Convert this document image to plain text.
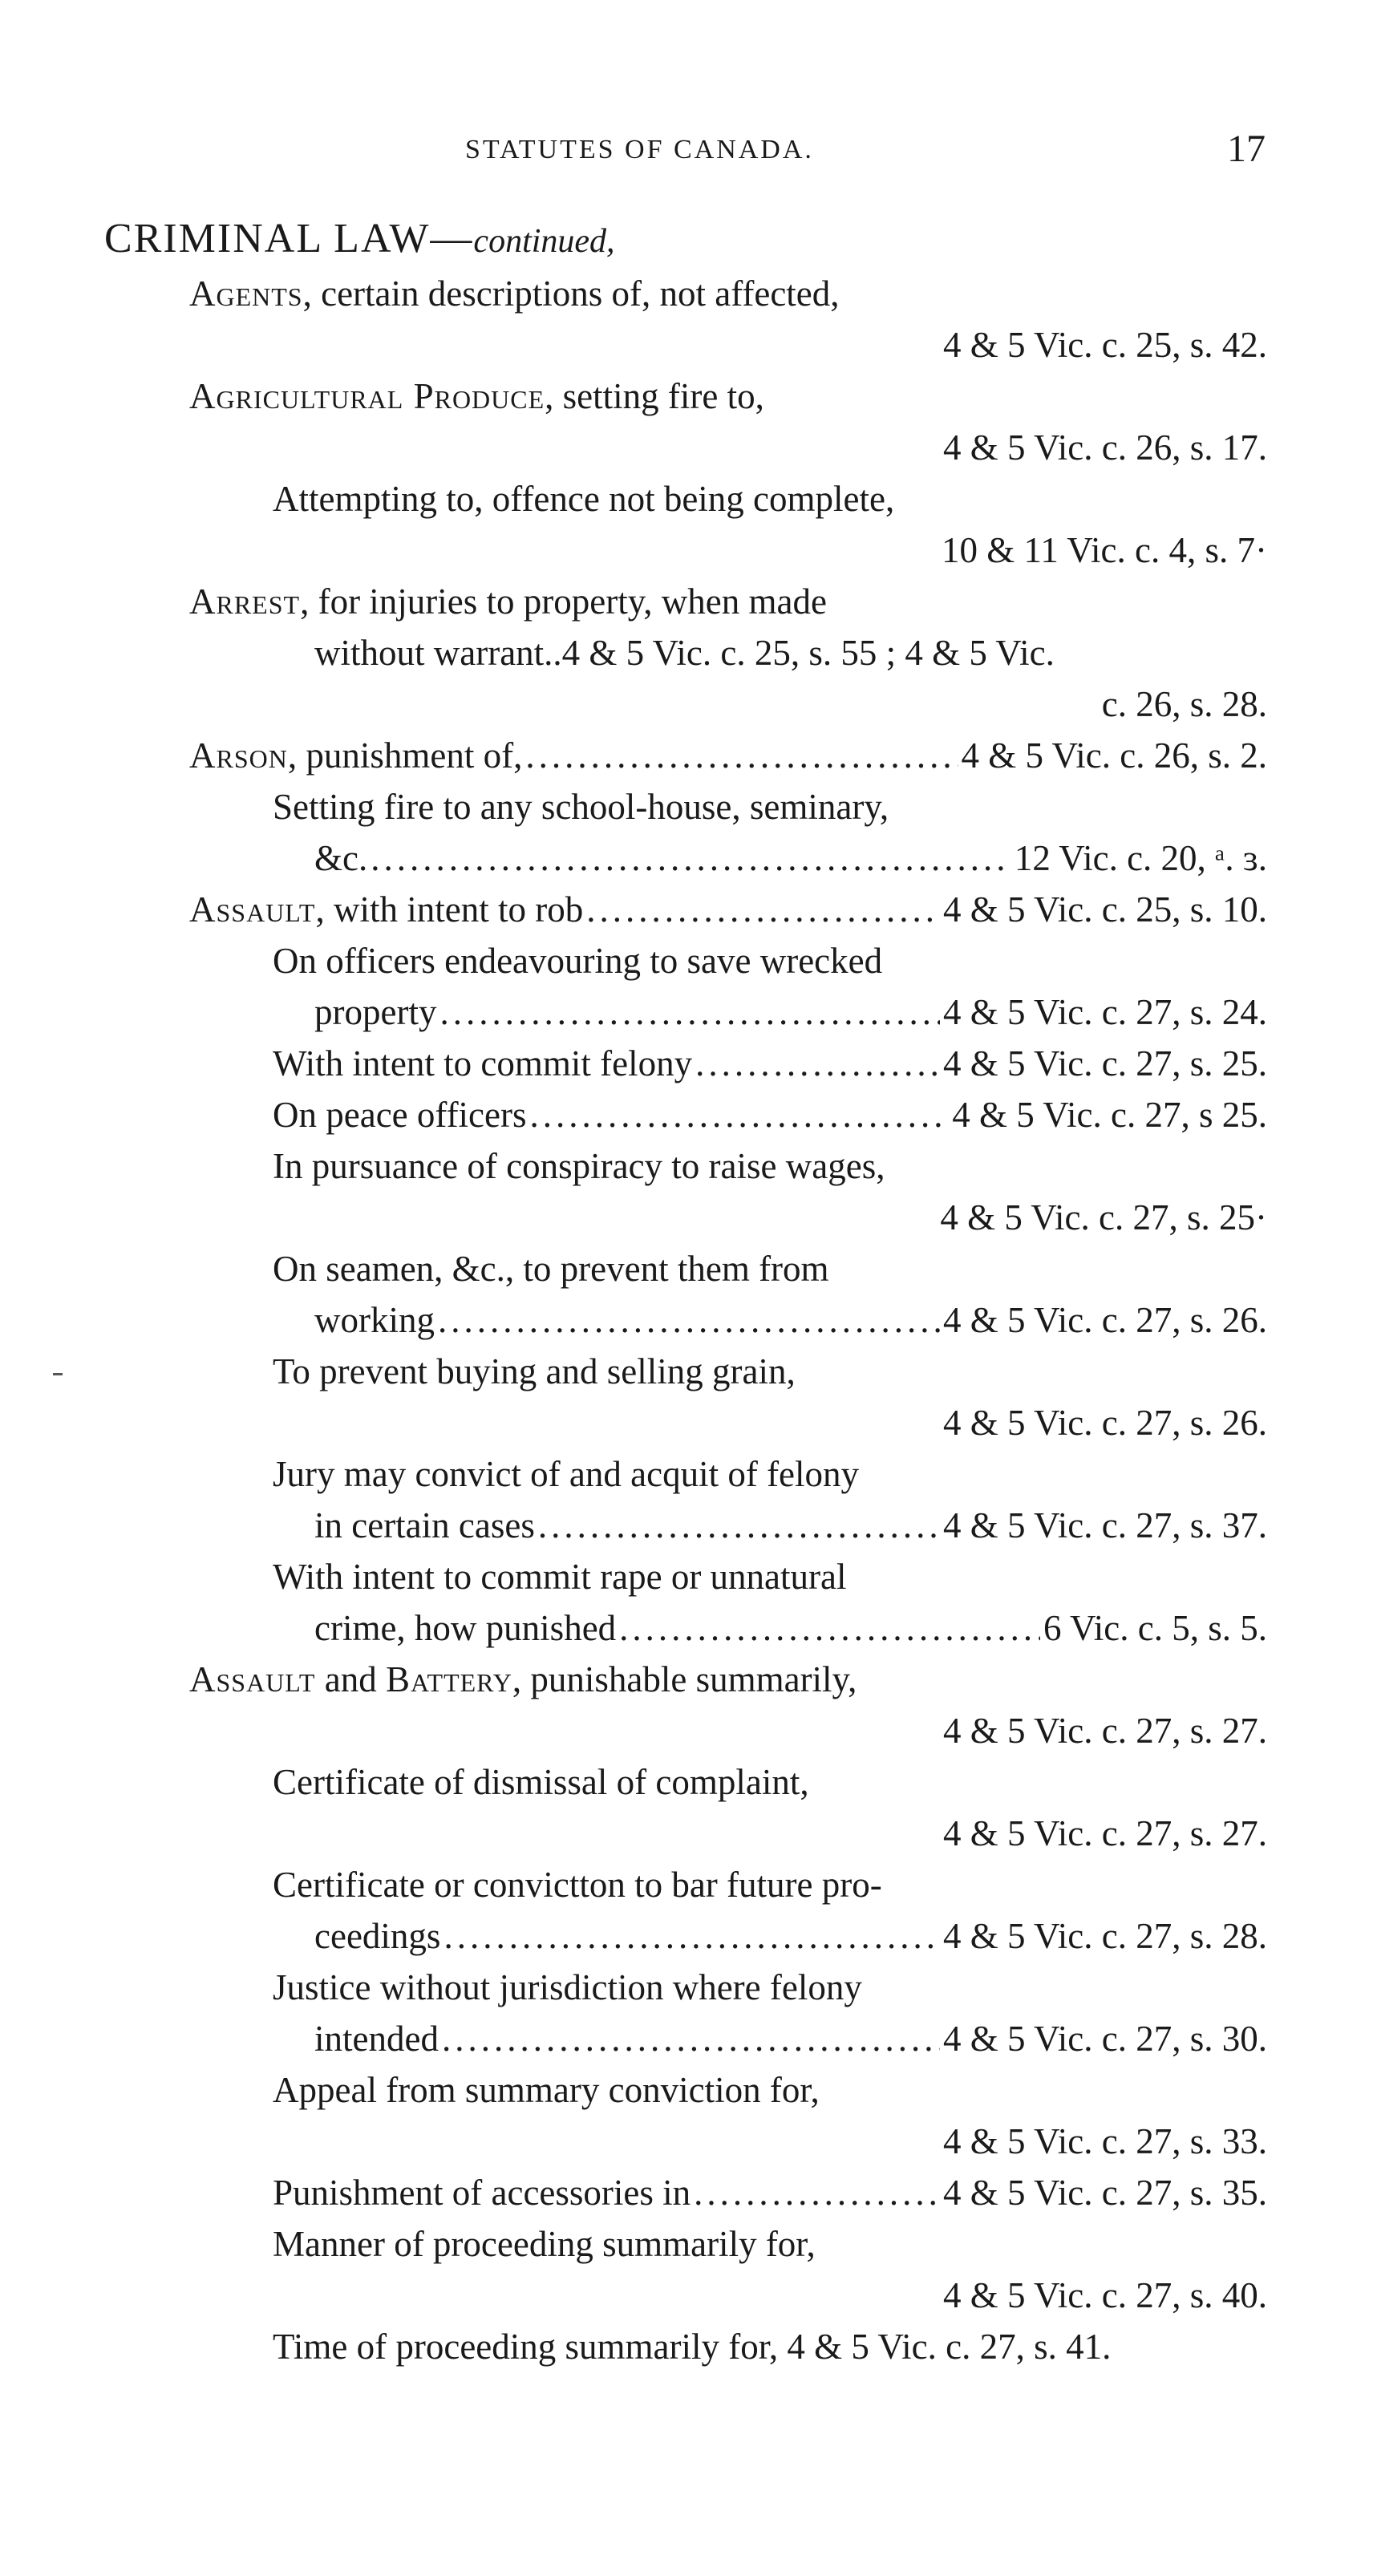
STATUTES OF CANADA.	17
CRIMINAL LAW—continued,
Agents, certain descriptions of, not affected,
4 & 5 Vic. c. 25, s. 42.
Agricultural Produce, setting fire to,
4 & 5 Vic. c. 26, s. 17.
Attempting to, offence not being complete,
10 & 11 Vic. c. 4, s. 7·
Arrest, for injuries to property, when made
without warrant..4 & 5 Vic. c. 25, s. 55 ; 4 & 5 Vic.
c. 26, s. 28.
Arson, punishment of, .....	4 & 5 Vic. c. 26, s. 2.
Setting fire to any school-house, seminary,
&c. .....	12 Vic. c. 20, ᵃ. ɜ.
Assault, with intent to rob .....	4 & 5 Vic. c. 25, s. 10.
On officers endeavouring to save wrecked
property .....	4 & 5 Vic. c. 27, s. 24.
With intent to commit felony .....	4 & 5 Vic. c. 27, s. 25.
On peace officers .....	4 & 5 Vic. c. 27, s 25.
In pursuance of conspiracy to raise wages,
4 & 5 Vic. c. 27, s. 25·
On seamen, &c., to prevent them from
working .....	4 & 5 Vic. c. 27, s. 26.
To prevent buying and selling grain,
4 & 5 Vic. c. 27, s. 26.
Jury may convict of and acquit of felony
in certain cases .....	4 & 5 Vic. c. 27, s. 37.
With intent to commit rape or unnatural
crime, how punished .....	6 Vic. c. 5, s. 5.
Assault and Battery, punishable summarily,
4 & 5 Vic. c. 27, s. 27.
Certificate of dismissal of complaint,
4 & 5 Vic. c. 27, s. 27.
Certificate or convictton to bar future pro-
ceedings .....	4 & 5 Vic. c. 27, s. 28.
Justice without jurisdiction where felony
intended .....	4 & 5 Vic. c. 27, s. 30.
Appeal from summary conviction for,
4 & 5 Vic. c. 27, s. 33.
Punishment of accessories in .....	4 & 5 Vic. c. 27, s. 35.
Manner of proceeding summarily for,
4 & 5 Vic. c. 27, s. 40.
Time of proceeding summarily for, 4 & 5 Vic. c. 27, s. 41.
